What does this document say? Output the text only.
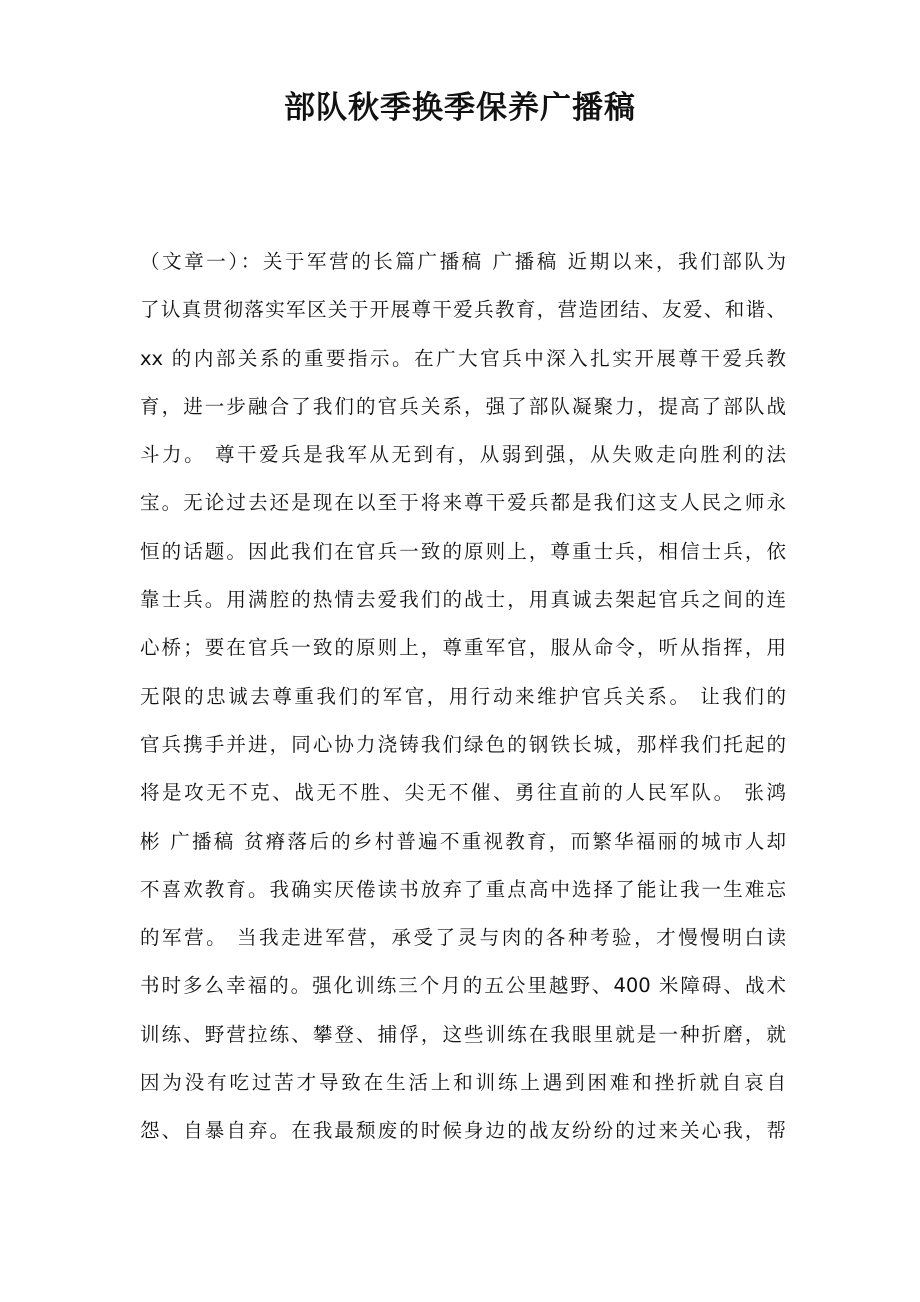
部队秋季换季保养广播稿
（文章一）：关于军营的长篇广播稿 广播稿 近期以来，我们部队为
了认真贯彻落实军区关于开展尊干爱兵教育，营造团结、友爱、和谐、
xx 的内部关系的重要指示。在广大官兵中深入扎实开展尊干爱兵教
育，进一步融合了我们的官兵关系，强了部队凝聚力，提高了部队战
斗力。 尊干爱兵是我军从无到有，从弱到强，从失败走向胜利的法
宝。无论过去还是现在以至于将来尊干爱兵都是我们这支人民之师永
恒的话题。因此我们在官兵一致的原则上，尊重士兵，相信士兵，依
靠士兵。用满腔的热情去爱我们的战士，用真诚去架起官兵之间的连
心桥；要在官兵一致的原则上，尊重军官，服从命令，听从指挥，用
无限的忠诚去尊重我们的军官，用行动来维护官兵关系。 让我们的
官兵携手并进，同心协力浇铸我们绿色的钢铁长城，那样我们托起的
将是攻无不克、战无不胜、尖无不催、勇往直前的人民军队。 张鸿
彬 广播稿 贫瘠落后的乡村普遍不重视教育，而繁华福丽的城市人却
不喜欢教育。我确实厌倦读书放弃了重点高中选择了能让我一生难忘
的军营。 当我走进军营，承受了灵与肉的各种考验，才慢慢明白读
书时多么幸福的。强化训练三个月的五公里越野、400 米障碍、战术
训练、野营拉练、攀登、捕俘，这些训练在我眼里就是一种折磨，就
因为没有吃过苦才导致在生活上和训练上遇到困难和挫折就自哀自
怨、自暴自弃。在我最颓废的时候身边的战友纷纷的过来关心我，帮
